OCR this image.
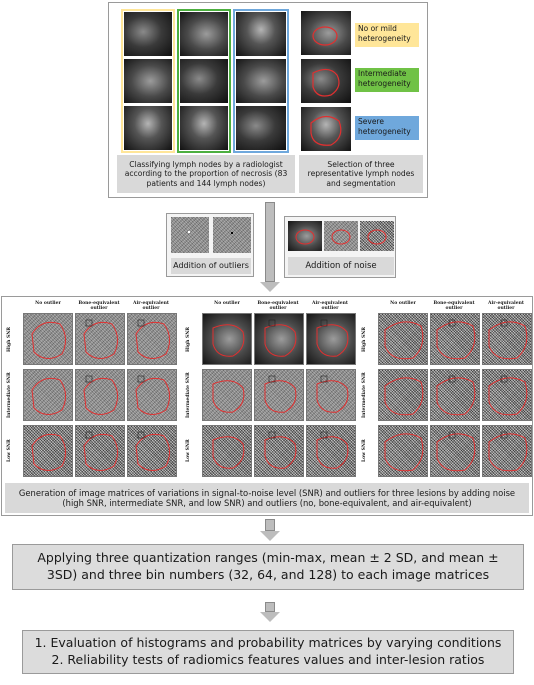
No or mild heterogeneity
Intermediate heterogeneity
Severe heterogeneity
Classifying lymph nodes by a radiologist according to the proportion of necrosis (83 patients and 144 lymph nodes)
Selection of three representative lymph nodes and segmentation
Addition of outliers	Addition of noise
No outlier	Bone-equivalent outlier
Air-equivalent outlier
High SNR
Intermediate SNR
Low SNR
No outlier	Bone-equivalent outlier
Air-equivalent outlier
High SNR
Intermediate SNR
Low SNR
No outlier	Bone-equivalent outlier
Air-equivalent outlier
High SNR
Intermediate SNR
Low SNR
Generation of image matrices of variations in signal-to-noise level (SNR) and outliers for three lesions by adding noise (high SNR, intermediate SNR, and low SNR) and outliers (no, bone-equivalent, and air-equivalent)
Applying three quantization ranges (min-max, mean ± 2 SD, and mean ± 3SD) and three bin numbers (32, 64, and 128) to each image matrices
1. Evaluation of histograms and probability matrices by varying conditions
2. Reliability tests of radiomics features values and inter-lesion ratios
